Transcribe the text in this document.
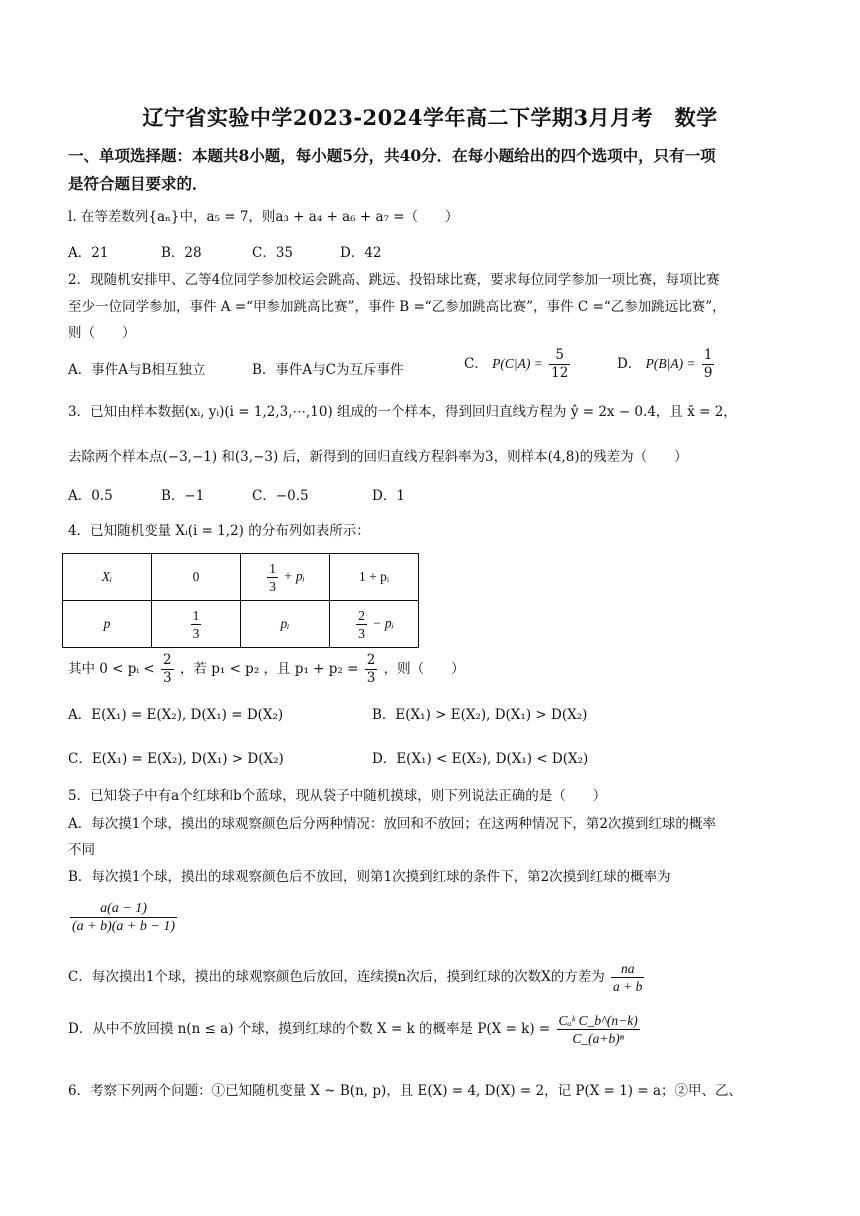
辽宁省实验中学2023-2024学年高二下学期3月月考　数学
一、单项选择题：本题共8小题，每小题5分，共40分．在每小题给出的四个选项中，只有一项
是符合题目要求的．
l. 在等差数列{aₙ}中，a₅ = 7，则a₃ + a₄ + a₆ + a₇ =（　　）
A．21	B．28	C．35	D．42
2．现随机安排甲、乙等4位同学参加校运会跳高、跳远、投铅球比赛，要求每位同学参加一项比赛，每项比赛
至少一位同学参加，事件 A =“甲参加跳高比赛”，事件 B =“乙参加跳高比赛”，事件 C =“乙参加跳远比赛”，
则（　　）
A．事件A与B相互独立	B．事件A与C为互斥事件	C． $P(C|A) = \frac{5}{12}$	D． $P(B|A) = \frac{1}{9}$
3．已知由样本数据(xᵢ, yᵢ)(i = 1,2,3,⋯,10) 组成的一个样本，得到回归直线方程为 ŷ = 2x − 0.4，且 x̄ = 2，
去除两个样本点(−3,−1) 和(3,−3) 后，新得到的回归直线方程斜率为3，则样本(4,8)的残差为（　　）
A．0.5	B．−1	C．−0.5	D．1
4．已知随机变量 Xᵢ(i = 1,2) 的分布列如表所示：
Xᵢ	0	$\frac{1}{3}$ + pᵢ	1 + pᵢ
p	$\frac{1}{3}$	pᵢ	$\frac{2}{3}$ − pᵢ
其中 0 < pᵢ < $\frac{2}{3}$ ，若 p₁ < p₂ ，且 $p_1 + p_2 = \frac{2}{3}$ ，则（　　）
A．E(X₁) = E(X₂), D(X₁) = D(X₂)	B．E(X₁) > E(X₂), D(X₁) > D(X₂)
C．E(X₁) = E(X₂), D(X₁) > D(X₂)	D．E(X₁) < E(X₂), D(X₁) < D(X₂)
5．已知袋子中有a个红球和b个蓝球，现从袋子中随机摸球，则下列说法正确的是（　　）
A．每次摸1个球，摸出的球观察颜色后分两种情况：放回和不放回；在这两种情况下，第2次摸到红球的概率
不同
B．每次摸1个球，摸出的球观察颜色后不放回，则第1次摸到红球的条件下，第2次摸到红球的概率为
$\frac{a(a - 1)}{(a + b)(a + b - 1)}$
C．每次摸出1个球，摸出的球观察颜色后放回，连续摸n次后，摸到红球的次数X的方差为 $\frac{na}{a + b}$
D．从中不放回摸 n(n ≤ a) 个球，摸到红球的个数 X = k 的概率是 $P(X = k) = \frac{\text{Cₐᵏ C\_b\textasciicircum{}(n−k)}}{\text{C\_(a+b)ⁿ}}$
6．考察下列两个问题：①已知随机变量 X ~ B(n, p)，且 E(X) = 4, D(X) = 2，记 P(X = 1) = a；②甲、乙、
